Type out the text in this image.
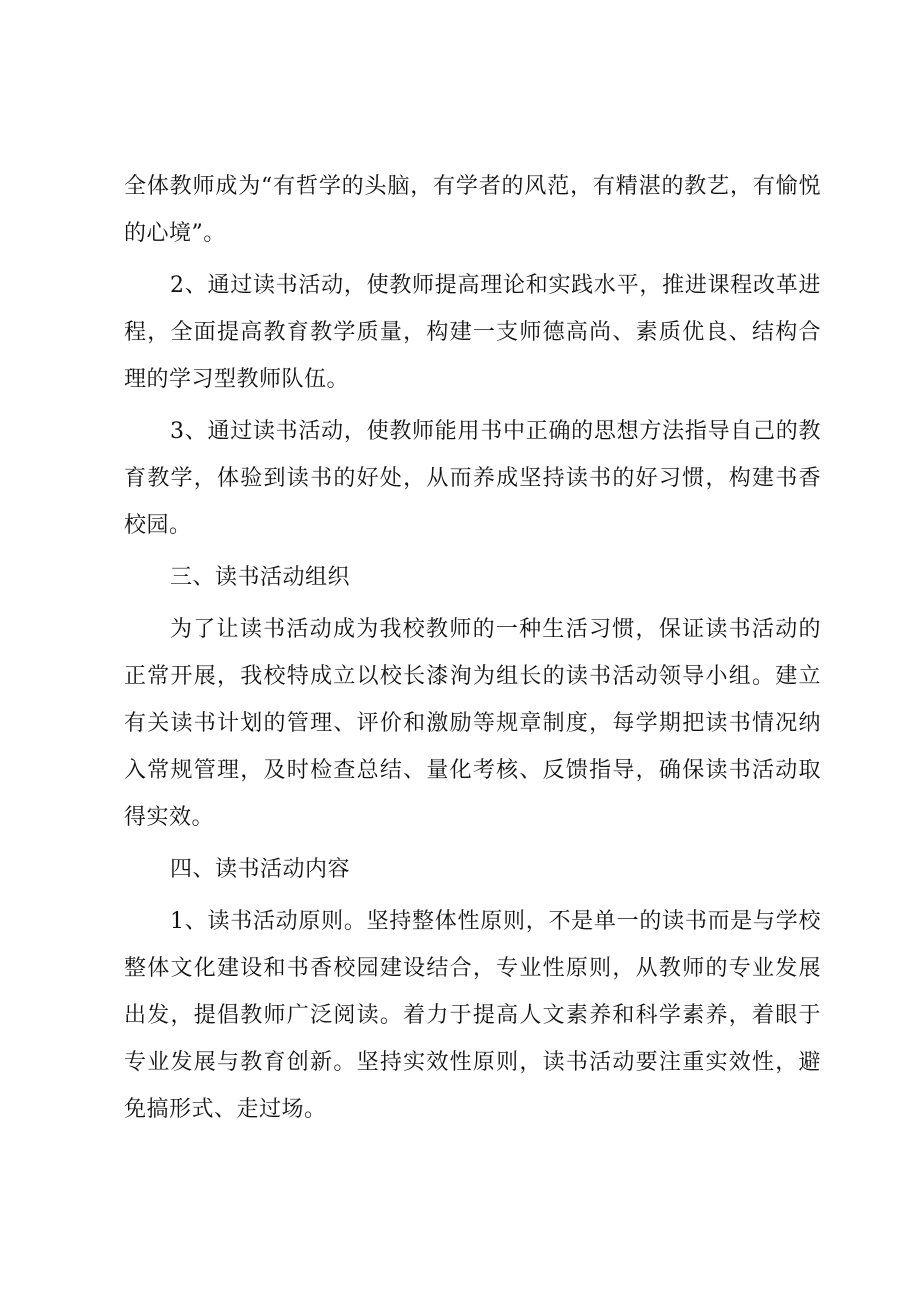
全体教师成为“有哲学的头脑，有学者的风范，有精湛的教艺，有愉悦的心境”。

2、通过读书活动，使教师提高理论和实践水平，推进课程改革进程，全面提高教育教学质量，构建一支师德高尚、素质优良、结构合理的学习型教师队伍。

3、通过读书活动，使教师能用书中正确的思想方法指导自己的教育教学，体验到读书的好处，从而养成坚持读书的好习惯，构建书香校园。

三、读书活动组织

为了让读书活动成为我校教师的一种生活习惯，保证读书活动的正常开展，我校特成立以校长漆洵为组长的读书活动领导小组。建立有关读书计划的管理、评价和激励等规章制度，每学期把读书情况纳入常规管理，及时检查总结、量化考核、反馈指导，确保读书活动取得实效。

四、读书活动内容

1、读书活动原则。坚持整体性原则，不是单一的读书而是与学校整体文化建设和书香校园建设结合，专业性原则，从教师的专业发展出发，提倡教师广泛阅读。着力于提高人文素养和科学素养，着眼于专业发展与教育创新。坚持实效性原则，读书活动要注重实效性，避免搞形式、走过场。
